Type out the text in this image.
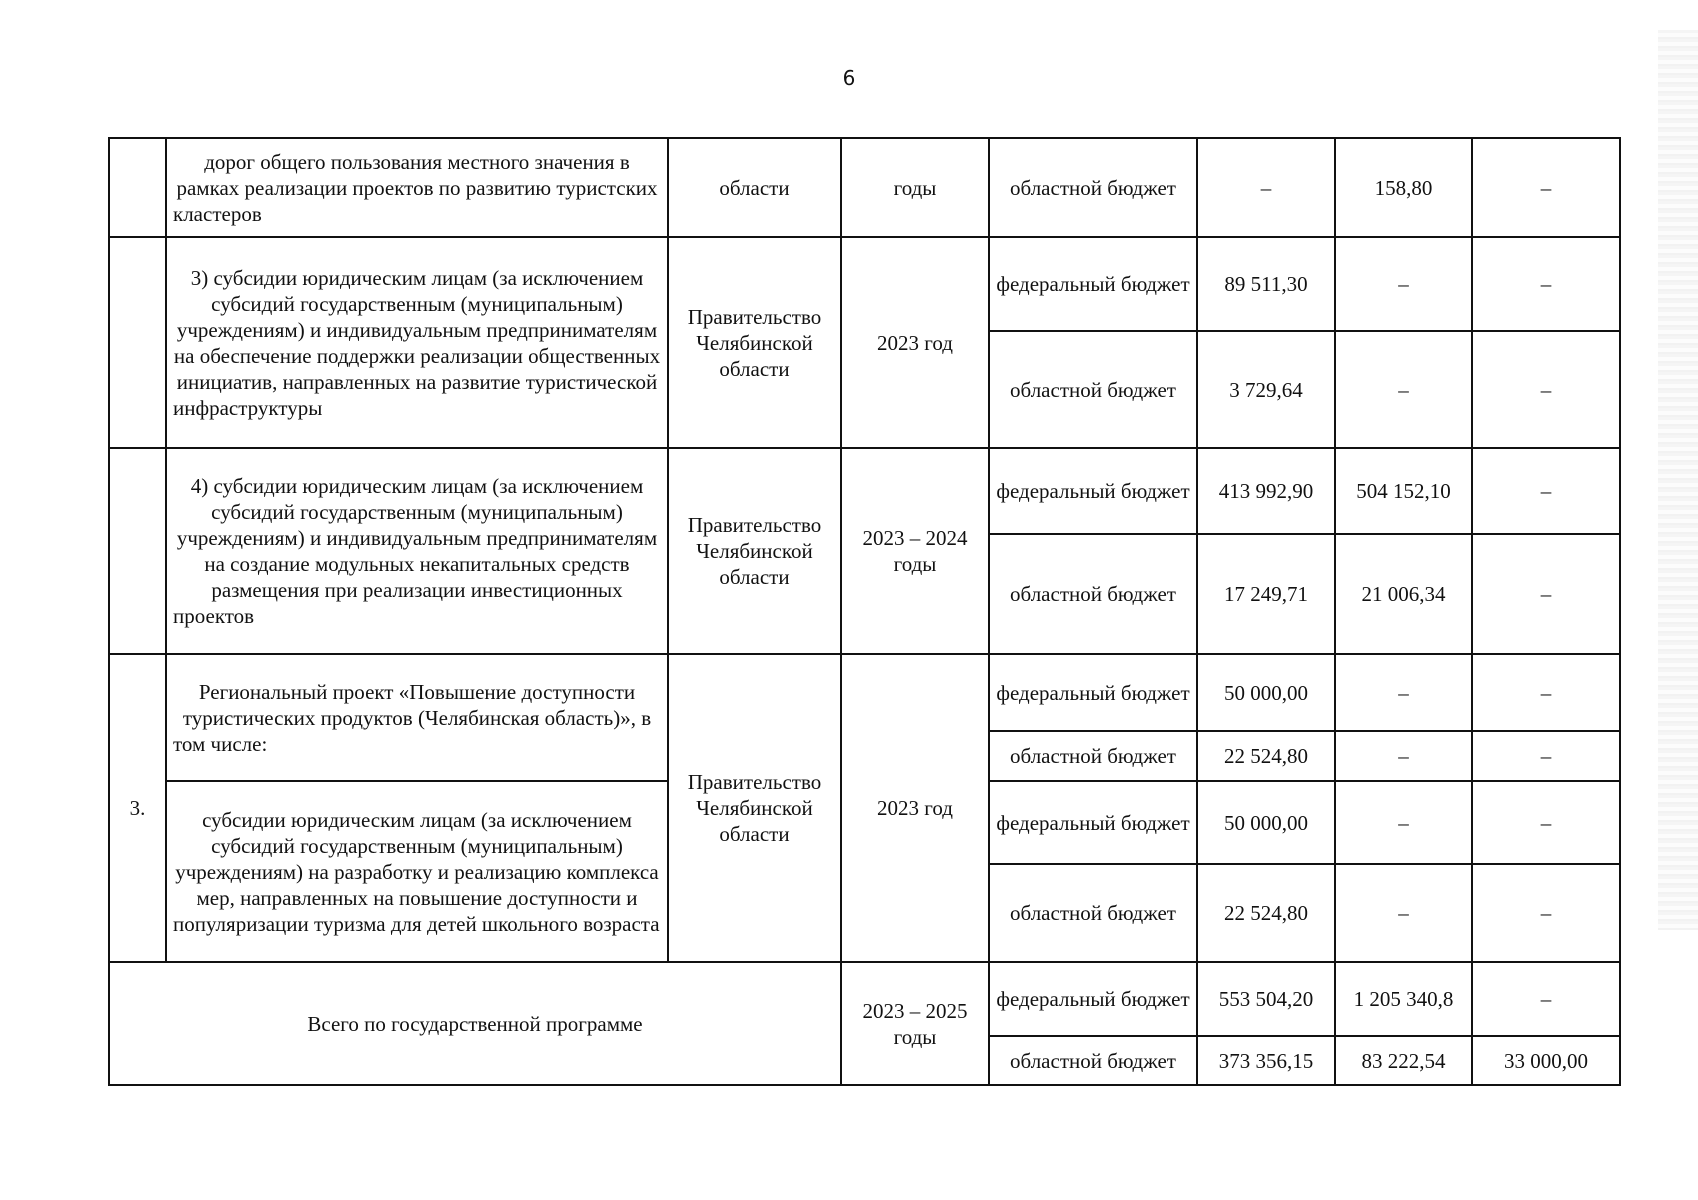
6
	дорог общего пользования местного значения в рамках реализации проектов по развитию туристских кластеров	области	годы	областной бюджет	–	158,80	–
	3) субсидии юридическим лицам (за исключением субсидий государственным (муниципальным) учреждениям) и индивидуальным предпринимателям на обеспечение поддержки реализации общественных инициатив, направленных на развитие туристической инфраструктуры	Правительство Челябинской области	2023 год	федеральный бюджет	89 511,30	–	–
				областной бюджет	3 729,64	–	–
	4) субсидии юридическим лицам (за исключением субсидий государственным (муниципальным) учреждениям) и индивидуальным предпринимателям на создание модульных некапитальных средств размещения при реализации инвестиционных проектов	Правительство Челябинской области	2023 – 2024 годы	федеральный бюджет	413 992,90	504 152,10	–
				областной бюджет	17 249,71	21 006,34	–
3.	Региональный проект «Повышение доступности туристических продуктов (Челябинская область)», в том числе:	Правительство Челябинской области	2023 год	федеральный бюджет	50 000,00	–	–
				областной бюджет	22 524,80	–	–
	субсидии юридическим лицам (за исключением субсидий государственным (муниципальным) учреждениям) на разработку и реализацию комплекса мер, направленных на повышение доступности и популяризации туризма для детей школьного возраста			федеральный бюджет	50 000,00	–	–
				областной бюджет	22 524,80	–	–
Всего по государственной программе			2023 – 2025 годы	федеральный бюджет	553 504,20	1 205 340,8	–
				областной бюджет	373 356,15	83 222,54	33 000,00
